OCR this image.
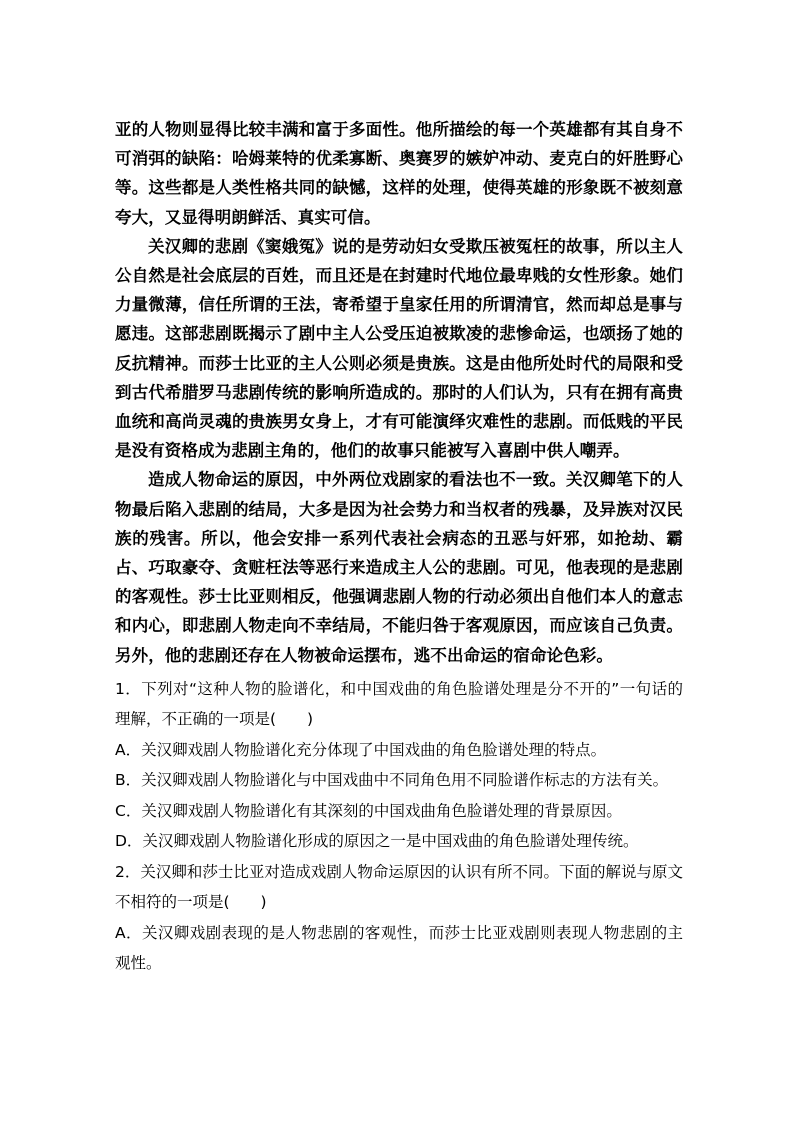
亚的人物则显得比较丰满和富于多面性。他所描绘的每一个英雄都有其自身不可消弭的缺陷：哈姆莱特的优柔寡断、奥赛罗的嫉妒冲动、麦克白的奸胜野心等。这些都是人类性格共同的缺憾，这样的处理，使得英雄的形象既不被刻意夸大，又显得明朗鲜活、真实可信。

关汉卿的悲剧《窦娥冤》说的是劳动妇女受欺压被冤枉的故事，所以主人公自然是社会底层的百姓，而且还是在封建时代地位最卑贱的女性形象。她们力量微薄，信任所谓的王法，寄希望于皇家任用的所谓清官，然而却总是事与愿违。这部悲剧既揭示了剧中主人公受压迫被欺凌的悲惨命运，也颂扬了她的反抗精神。而莎士比亚的主人公则必须是贵族。这是由他所处时代的局限和受到古代希腊罗马悲剧传统的影响所造成的。那时的人们认为，只有在拥有高贵血统和高尚灵魂的贵族男女身上，才有可能演绎灾难性的悲剧。而低贱的平民是没有资格成为悲剧主角的，他们的故事只能被写入喜剧中供人嘲弄。

造成人物命运的原因，中外两位戏剧家的看法也不一致。关汉卿笔下的人物最后陷入悲剧的结局，大多是因为社会势力和当权者的残暴，及异族对汉民族的残害。所以，他会安排一系列代表社会病态的丑恶与奸邪，如抢劫、霸占、巧取豪夺、贪赃枉法等恶行来造成主人公的悲剧。可见，他表现的是悲剧的客观性。莎士比亚则相反，他强调悲剧人物的行动必须出自他们本人的意志和内心，即悲剧人物走向不幸结局，不能归咎于客观原因，而应该自己负责。另外，他的悲剧还存在人物被命运摆布，逃不出命运的宿命论色彩。

1．下列对“这种人物的脸谱化，和中国戏曲的角色脸谱处理是分不开的”一句话的理解，不正确的一项是(　　)

A．关汉卿戏剧人物脸谱化充分体现了中国戏曲的角色脸谱处理的特点。

B．关汉卿戏剧人物脸谱化与中国戏曲中不同角色用不同脸谱作标志的方法有关。

C．关汉卿戏剧人物脸谱化有其深刻的中国戏曲角色脸谱处理的背景原因。

D．关汉卿戏剧人物脸谱化形成的原因之一是中国戏曲的角色脸谱处理传统。

2．关汉卿和莎士比亚对造成戏剧人物命运原因的认识有所不同。下面的解说与原文不相符的一项是(　　)

A．关汉卿戏剧表现的是人物悲剧的客观性，而莎士比亚戏剧则表现人物悲剧的主观性。
